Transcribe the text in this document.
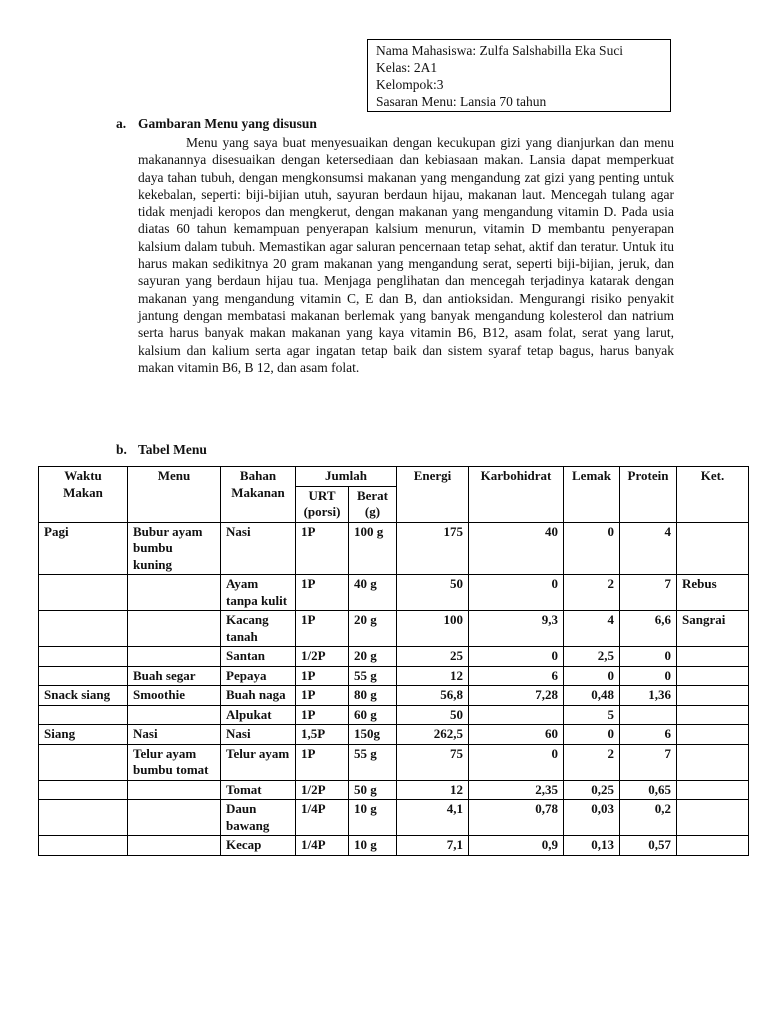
Nama Mahasiswa: Zulfa Salshabilla Eka Suci
Kelas: 2A1
Kelompok:3
Sasaran Menu: Lansia 70 tahun
a. Gambaran Menu yang disusun

Menu yang saya buat menyesuaikan dengan kecukupan gizi yang dianjurkan dan menu makanannya disesuaikan dengan ketersediaan dan kebiasaan makan. Lansia dapat memperkuat daya tahan tubuh, dengan mengkonsumsi makanan yang mengandung zat gizi yang penting untuk kekebalan, seperti: biji-bijian utuh, sayuran berdaun hijau, makanan laut. Mencegah tulang agar tidak menjadi keropos dan mengkerut, dengan makanan yang mengandung vitamin D. Pada usia diatas 60 tahun kemampuan penyerapan kalsium menurun, vitamin D membantu penyerapan kalsium dalam tubuh. Memastikan agar saluran pencernaan tetap sehat, aktif dan teratur. Untuk itu harus makan sedikitnya 20 gram makanan yang mengandung serat, seperti biji-bijian, jeruk, dan sayuran yang berdaun hijau tua. Menjaga penglihatan dan mencegah terjadinya katarak dengan makanan yang mengandung vitamin C, E dan B, dan antioksidan. Mengurangi risiko penyakit jantung dengan membatasi makanan berlemak yang banyak mengandung kolesterol dan natrium serta harus banyak makan makanan yang kaya vitamin B6, B12, asam folat, serat yang larut, kalsium dan kalium serta agar ingatan tetap baik dan sistem syaraf tetap bagus, harus banyak makan vitamin B6, B 12, dan asam folat.

b. Tabel Menu
Waktu Makan	Menu	Bahan Makanan	Jumlah		Energi	Karbohidrat	Lemak	Protein	Ket.
			URT (porsi)	Berat (g)					
Pagi	Bubur ayam bumbu kuning	Nasi	1P	100 g	175	40	0	4	
		Ayam tanpa kulit	1P	40 g	50	0	2	7	Rebus
		Kacang tanah	1P	20 g	100	9,3	4	6,6	Sangrai
		Santan	1/2P	20 g	25	0	2,5	0	
	Buah segar	Pepaya	1P	55 g	12	6	0	0	
Snack siang	Smoothie	Buah naga	1P	80 g	56,8	7,28	0,48	1,36	
		Alpukat	1P	60 g	50		5		
Siang	Nasi	Nasi	1,5P	150g	262,5	60	0	6	
	Telur ayam bumbu tomat	Telur ayam	1P	55 g	75	0	2	7	
		Tomat	1/2P	50 g	12	2,35	0,25	0,65	
		Daun bawang	1/4P	10 g	4,1	0,78	0,03	0,2	
		Kecap	1/4P	10 g	7,1	0,9	0,13	0,57	
